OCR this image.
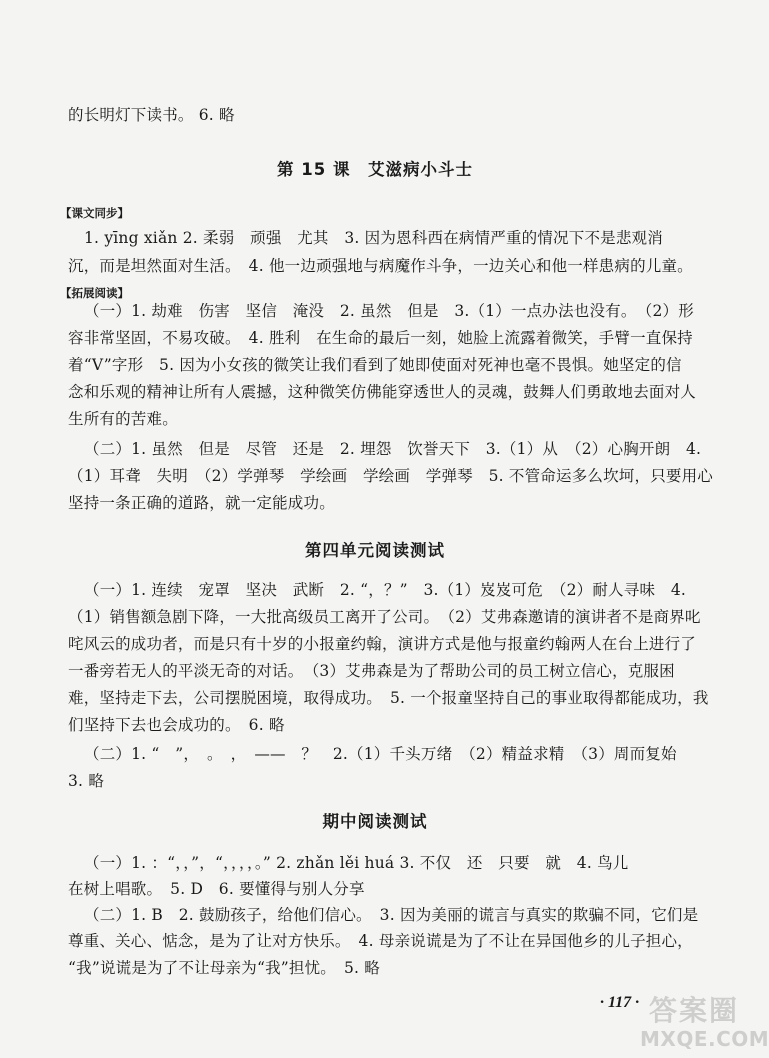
的长明灯下读书。 6. 略
第 15 课　艾滋病小斗士
【课文同步】
1. yīng xiǎn 2. 柔弱　顽强　尤其　3. 因为恩科西在病情严重的情况下不是悲观消
沉，而是坦然面对生活。　4. 他一边顽强地与病魔作斗争，一边关心和他一样患病的儿童。
【拓展阅读】
（一）1. 劫难　伤害　坚信　淹没　2. 虽然　但是　3.（1）一点办法也没有。　（2）形
容非常坚固，不易攻破。　4. 胜利　在生命的最后一刻，她脸上流露着微笑，手臂一直保持
着“V”字形　5. 因为小女孩的微笑让我们看到了她即使面对死神也毫不畏惧。她坚定的信
念和乐观的精神让所有人震撼，这种微笑仿佛能穿透世人的灵魂，鼓舞人们勇敢地去面对人
生所有的苦难。
（二）1. 虽然　但是　尽管　还是　2. 埋怨　饮誉天下　3.（1）从　（2）心胸开朗　4.
（1）耳聋　失明　（2）学弹琴　学绘画　学绘画　学弹琴　5. 不管命运多么坎坷，只要用心
坚持一条正确的道路，就一定能成功。
第四单元阅读测试
（一）1. 连续　宠罩　坚决　武断　2. “，？”　3.（1）岌岌可危　（2）耐人寻味　4.
（1）销售额急剧下降，一大批高级员工离开了公司。　（2）艾弗森邀请的演讲者不是商界叱
咤风云的成功者，而是只有十岁的小报童约翰，演讲方式是他与报童约翰两人在台上进行了
一番旁若无人的平淡无奇的对话。　（3）艾弗森是为了帮助公司的员工树立信心，克服困
难，坚持走下去，公司摆脱困境，取得成功。　5. 一个报童坚持自己的事业取得都能成功，我
们坚持下去也会成功的。　6. 略
（二）1. “　”，　。　，　——　？　2.（1）千头万绪　（2）精益求精　（3）周而复始
3. 略
期中阅读测试
（一）1. ：“，，”，“，，，，。” 2. zhǎn lěi huá 3. 不仅　还　只要　就　4. 鸟儿
在树上唱歌。　5. D　6. 要懂得与别人分享
（二）1. B　2. 鼓励孩子，给他们信心。　3. 因为美丽的谎言与真实的欺骗不同，它们是
尊重、关心、惦念，是为了让对方快乐。　4. 母亲说谎是为了不让在异国他乡的儿子担心，
“我”说谎是为了不让母亲为“我”担忧。　5. 略
· 117 · 答案圈
MXQE.COM
